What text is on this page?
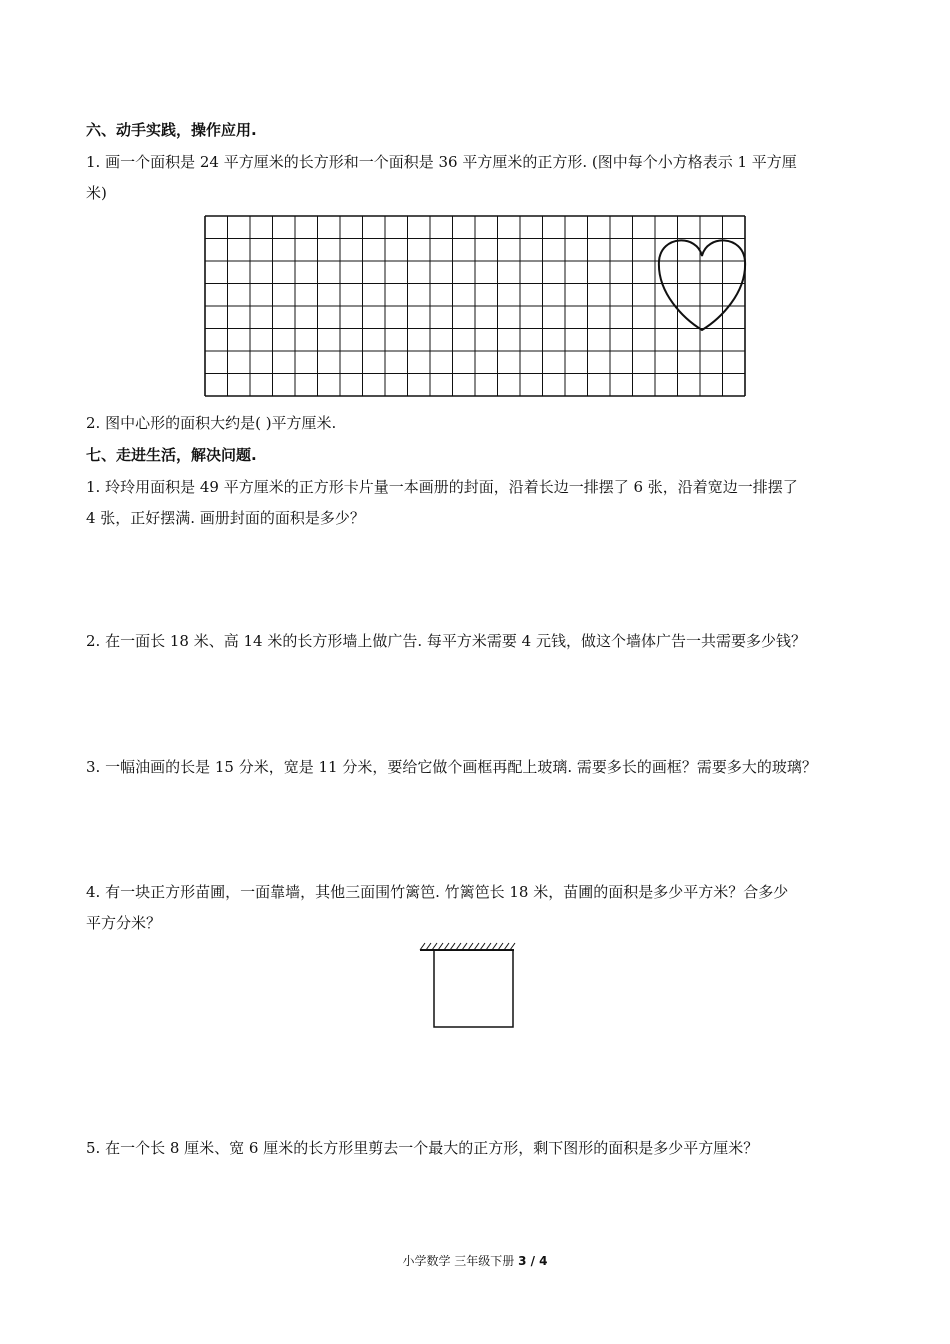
六、动手实践，操作应用.
1. 画一个面积是 24 平方厘米的长方形和一个面积是 36 平方厘米的正方形. (图中每个小方格表示 1 平方厘
米)
2. 图中心形的面积大约是( )平方厘米.
七、走进生活，解决问题.
1. 玲玲用面积是 49 平方厘米的正方形卡片量一本画册的封面，沿着长边一排摆了 6 张，沿着宽边一排摆了
4 张，正好摆满. 画册封面的面积是多少？
2. 在一面长 18 米、高 14 米的长方形墙上做广告. 每平方米需要 4 元钱，做这个墙体广告一共需要多少钱？
3. 一幅油画的长是 15 分米，宽是 11 分米，要给它做个画框再配上玻璃. 需要多长的画框？需要多大的玻璃？
4. 有一块正方形苗圃，一面靠墙，其他三面围竹篱笆. 竹篱笆长 18 米，苗圃的面积是多少平方米？合多少
平方分米？
5. 在一个长 8 厘米、宽 6 厘米的长方形里剪去一个最大的正方形，剩下图形的面积是多少平方厘米？
小学数学 三年级下册 3 / 4
